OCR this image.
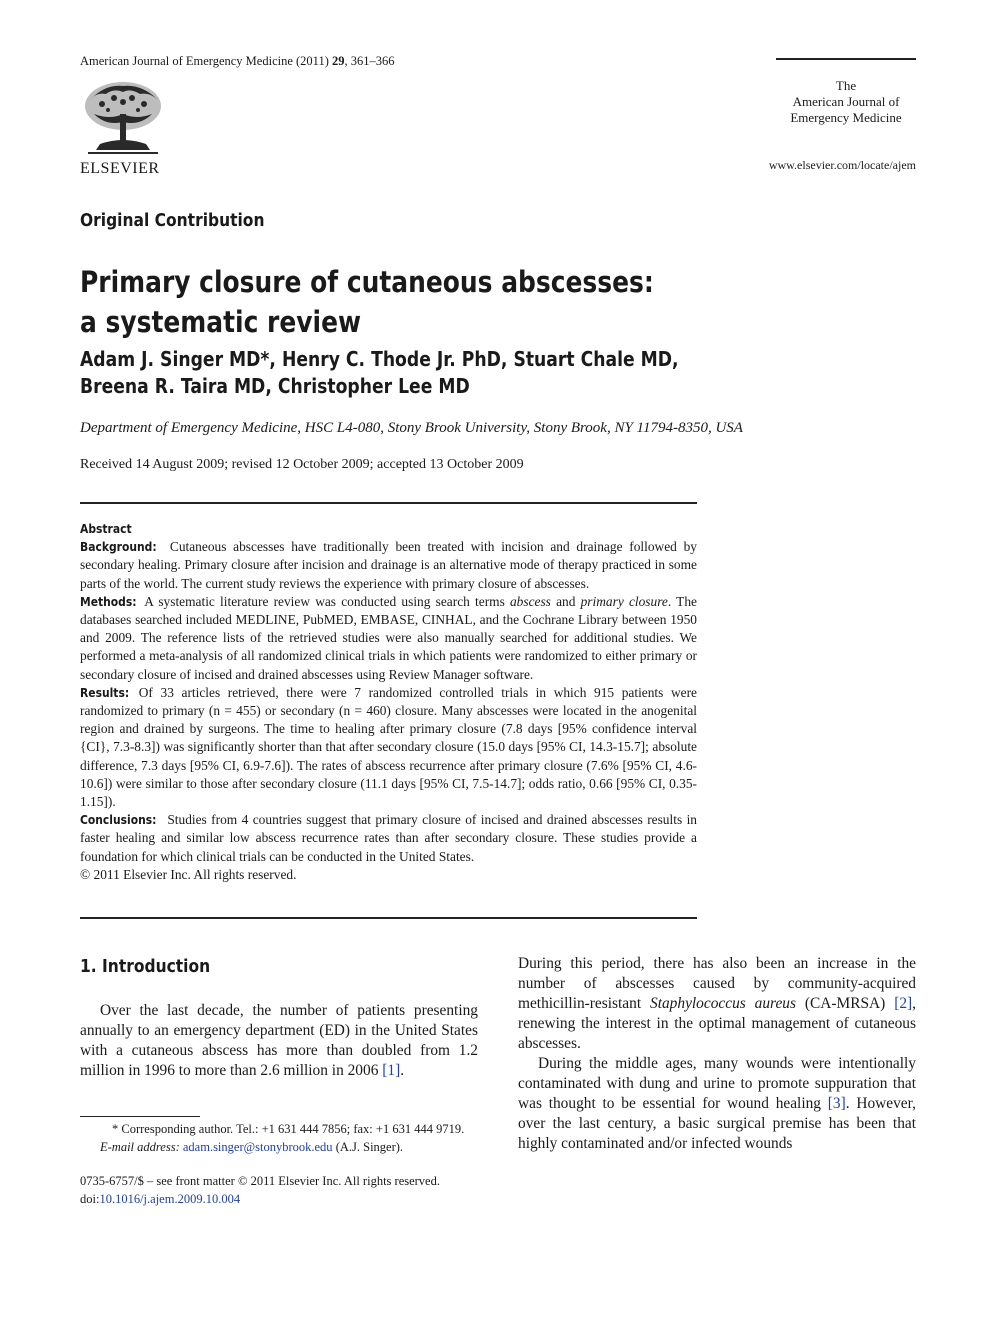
American Journal of Emergency Medicine (2011) 29, 361–366
ELSEVIER
The
American Journal of
Emergency Medicine
www.elsevier.com/locate/ajem
Original Contribution
Primary closure of cutaneous abscesses:
a systematic review
Adam J. Singer MD*, Henry C. Thode Jr. PhD, Stuart Chale MD,
Breena R. Taira MD, Christopher Lee MD
Department of Emergency Medicine, HSC L4-080, Stony Brook University, Stony Brook, NY 11794-8350, USA
Received 14 August 2009; revised 12 October 2009; accepted 13 October 2009
Abstract

Background: Cutaneous abscesses have traditionally been treated with incision and drainage followed by secondary healing. Primary closure after incision and drainage is an alternative mode of therapy practiced in some parts of the world. The current study reviews the experience with primary closure of abscesses.

Methods: A systematic literature review was conducted using search terms abscess and primary closure. The databases searched included MEDLINE, PubMED, EMBASE, CINHAL, and the Cochrane Library between 1950 and 2009. The reference lists of the retrieved studies were also manually searched for additional studies. We performed a meta-analysis of all randomized clinical trials in which patients were randomized to either primary or secondary closure of incised and drained abscesses using Review Manager software.

Results: Of 33 articles retrieved, there were 7 randomized controlled trials in which 915 patients were randomized to primary (n = 455) or secondary (n = 460) closure. Many abscesses were located in the anogenital region and drained by surgeons. The time to healing after primary closure (7.8 days [95% confidence interval {CI}, 7.3-8.3]) was significantly shorter than that after secondary closure (15.0 days [95% CI, 14.3-15.7]; absolute difference, 7.3 days [95% CI, 6.9-7.6]). The rates of abscess recurrence after primary closure (7.6% [95% CI, 4.6-10.6]) were similar to those after secondary closure (11.1 days [95% CI, 7.5-14.7]; odds ratio, 0.66 [95% CI, 0.35-1.15]).

Conclusions: Studies from 4 countries suggest that primary closure of incised and drained abscesses results in faster healing and similar low abscess recurrence rates than after secondary closure. These studies provide a foundation for which clinical trials can be conducted in the United States.

© 2011 Elsevier Inc. All rights reserved.

1. Introduction

Over the last decade, the number of patients presenting annually to an emergency department (ED) in the United States with a cutaneous abscess has more than doubled from 1.2 million in 1996 to more than 2.6 million in 2006 [1].

During this period, there has also been an increase in the number of abscesses caused by community-acquired methicillin-resistant Staphylococcus aureus (CA-MRSA) [2], renewing the interest in the optimal management of cutaneous abscesses.

During the middle ages, many wounds were intentionally contaminated with dung and urine to promote suppuration that was thought to be essential for wound healing [3]. However, over the last century, a basic surgical premise has been that highly contaminated and/or infected wounds

* Corresponding author. Tel.: +1 631 444 7856; fax: +1 631 444 9719.
E-mail address: adam.singer@stonybrook.edu (A.J. Singer).
0735-6757/$ – see front matter © 2011 Elsevier Inc. All rights reserved.
doi:10.1016/j.ajem.2009.10.004
